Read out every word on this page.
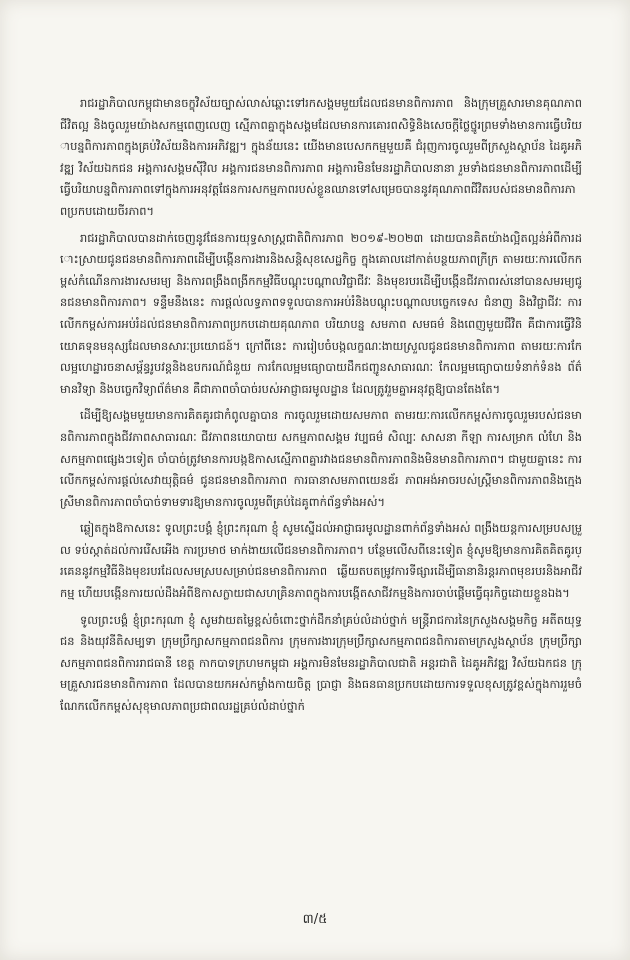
រាជរដ្ឋាភិបាលកម្ពុជាមានចក្ខុវិស័យច្បាស់លាស់ឆ្ពោះទៅរកសង្គមមួយដែលជនមានពិការភាព និងក្រុមគ្រួសារមានគុណភាពជីវិតល្អ និងចូលរួមយ៉ាងសកម្មពេញលេញ ស្មើភាពគ្នាក្នុងសង្គមដែលមានការគោរពសិទ្ធិនិងសេចក្តីថ្លៃថ្នូរព្រមទាំងមានការធ្វើបរិយាបន្នពិការភាពក្នុងគ្រប់វិស័យនិងការអភិវឌ្ឍ។ ក្នុងន័យនេះ យើងមានបេសកកម្មមួយគឺ ជំរុញការចូលរួមពីក្រសួងស្ថាប័ន ដៃគូអភិវឌ្ឍ វិស័យឯកជន អង្គការសង្គមស៊ីវិល អង្គការជនមានពិការភាព អង្គការមិនមែនរដ្ឋាភិបាលនានា រួមទាំងជនមានពិការភាពដើម្បីធ្វើបរិយាបន្នពិការភាពទៅក្នុងការអនុវត្តផែនការសកម្មភាពរបស់ខ្លួនឈានទៅសម្រេចបាននូវគុណភាពជីវិតរបស់ជនមានពិការភាពប្រកបដោយចីរភាព។

រាជរដ្ឋាភិបាលបានដាក់ចេញនូវផែនការយុទ្ធសាស្ត្រជាតិពិការភាព ២០១៩-២០២៣ ដោយបានគិតយ៉ាងល្អិតល្អន់អំពីការដោះស្រាយជូនជនមានពិការភាពដើម្បីបង្កើនការងារនិងសន្តិសុខសេដ្ឋកិច្ច ក្នុងគោលដៅកាត់បន្ថយភាពក្រីក្រ តាមរយៈការលើកកម្ពស់កំណើនការងារសមរម្យ និងការពង្រឹងពង្រីកកម្មវិធីបណ្តុះបណ្តាលវិជ្ជាជីវៈ និងមុខរបរដើម្បីបង្កើនជីវភាពរស់នៅបានសមរម្យជូនជនមានពិការភាព។ ទន្ទឹមនឹងនេះ ការផ្តល់លទ្ធភាពទទួលបានការអប់រំនិងបណ្តុះបណ្តាលបច្ចេកទេស ជំនាញ និងវិជ្ជាជីវៈ ការលើកកម្ពស់ការអប់រំដល់ជនមានពិការភាពប្រកបដោយគុណភាព បរិយាបន្ន សមភាព សមធម៌ និងពេញមួយជីវិត គឺជាការធ្វើវិនិយោគទុនមនុស្សដែលមានសារៈប្រយោជន៍។ ក្រៅពីនេះ ការរៀបចំបង្កលក្ខណៈងាយស្រួលជូនជនមានពិការភាព តាមរយៈការកែលម្អហេដ្ឋារចនាសម្ព័ន្ធរូបវន្តនិងឧបករណ៍ជំនួយ ការកែលម្អមធ្យោបាយដឹកជញ្ជូនសាធារណៈ កែលម្អមធ្យោបាយទំនាក់ទំនង ព័ត៌មានវិទ្យា និងបច្ចេកវិទ្យាព័ត៌មាន គឺជាភាពចាំបាច់របស់អាជ្ញាធរមូលដ្ឋាន ដែលត្រូវរួមគ្នាអនុវត្តឱ្យបានតែងតែ។

ដើម្បីឱ្យសង្គមមួយមានការគិតគូរជាកំពូលគ្នាបាន ការចូលរួមដោយសមភាព តាមរយៈការលើកកម្ពស់ការចូលរួមរបស់ជនមានពិការភាពក្នុងជីវភាពសាធារណៈ ជីវភាពនយោបាយ សកម្មភាពសង្គម វប្បធម៌ សិល្បៈ សាសនា កីឡា ការសម្រាក លំហែ និងសកម្មភាពផ្សេងៗទៀត ចាំបាច់ត្រូវមានការបង្កឱកាសស្មើភាពគ្នារវាងជនមានពិការភាពនិងមិនមានពិការភាព។ ជាមួយគ្នានេះ ការលើកកម្ពស់ការផ្តល់សេវាយុត្តិធម៌ ជូនជនមានពិការភាព ការធានាសមភាពយេនឌ័រ ភាពអង់អាចរបស់ស្ត្រីមានពិការភាពនិងក្មេងស្រីមានពិការភាពចាំបាច់ទាមទារឱ្យមានការចូលរួមពីគ្រប់ដៃគូពាក់ព័ន្ធទាំងអស់។

ឆ្លៀតក្នុងឱកាសនេះ ទូលព្រះបង្គំ ខ្ញុំព្រះករុណា ខ្ញុំ សូមស្នើដល់អាជ្ញាធរមូលដ្ឋានពាក់ព័ន្ធទាំងអស់ ពង្រឹងយន្តការសម្របសម្រួល ទប់ស្កាត់ដល់ការរើសអើង ការប្រមាថ មាក់ងាយលើជនមានពិការភាព។ បន្ថែមលើសពីនេះទៀត ខ្ញុំសូមឱ្យមានការគិតគិតគូរប្រគេននូវកម្មវិធីនិងមុខរបរដែលសមស្របសម្រាប់ជនមានពិការភាព ឆ្លើយតបតម្រូវការទីផ្សារដើម្បីធានានិរន្តរភាពមុខរបរនិងអាជីវកម្ម ហើយបង្កើនការយល់ដឹងអំពីឱកាសក្លាយជាសហគ្រិនភាពក្នុងការបង្កើតសាជីវកម្មនិងការចាប់ផ្តើមធ្វើធុរកិច្ចដោយខ្លួនឯង។

ទូលព្រះបង្គំ ខ្ញុំព្រះករុណា ខ្ញុំ សូមវាយតម្លៃខ្ពស់ចំពោះថ្នាក់ដឹកនាំគ្រប់លំដាប់ថ្នាក់ មន្ត្រីរាជការនៃក្រសួងសង្គមកិច្ច អតីតយុទ្ធជន និងយុវនីតិសម្បទា ក្រុមប្រឹក្សាសកម្មភាពជនពិការ ក្រុមការងារក្រុមប្រឹក្សាសកម្មភាពជនពិការតាមក្រសួងស្ថាប័ន ក្រុមប្រឹក្សាសកម្មភាពជនពិការរាជធានី ខេត្ត កាកបាទក្រហមកម្ពុជា អង្គការមិនមែនរដ្ឋាភិបាលជាតិ អន្តរជាតិ ដៃគូអភិវឌ្ឍ វិស័យឯកជន ក្រុមគ្រួសារជនមានពិការភាព ដែលបានយកអស់កម្លាំងកាយចិត្ត ប្រាជ្ញា និងធនធានប្រកបដោយការទទួលខុសត្រូវខ្ពស់ក្នុងការរួមចំណែកលើកកម្ពស់សុខុមាលភាពប្រជាពលរដ្ឋគ្រប់លំដាប់ថ្នាក់

៣/៥
